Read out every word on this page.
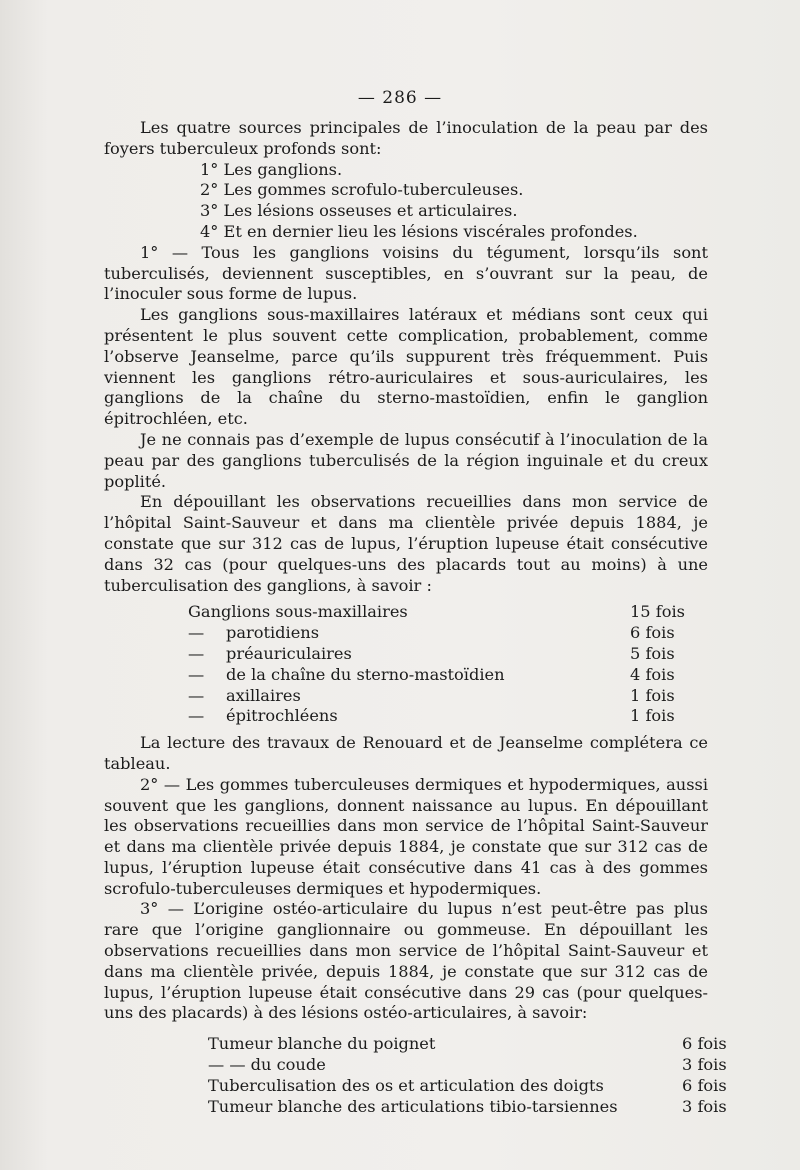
— 286 —

Les quatre sources principales de l’inoculation de la peau par des foyers tuberculeux profonds sont:

1° Les ganglions.

2° Les gommes scrofulo-tuberculeuses.

3° Les lésions osseuses et articulaires.

4° Et en dernier lieu les lésions viscérales profondes.

1° — Tous les ganglions voisins du tégument, lorsqu’ils sont tuberculisés, deviennent susceptibles, en s’ouvrant sur la peau, de l’inoculer sous forme de lupus.

Les ganglions sous-maxillaires latéraux et médians sont ceux qui présentent le plus souvent cette complication, probablement, comme l’observe Jeanselme, parce qu’ils suppurent très fréquemment. Puis viennent les ganglions rétro-auriculaires et sous-auriculaires, les ganglions de la chaîne du sterno-mastoïdien, enfin le ganglion épitrochléen, etc.

Je ne connais pas d’exemple de lupus consécutif à l’inoculation de la peau par des ganglions tuberculisés de la région inguinale et du creux poplité.

En dépouillant les observations recueillies dans mon service de l’hôpital Saint-Sauveur et dans ma clientèle privée depuis 1884, je constate que sur 312 cas de lupus, l’éruption lupeuse était consécutive dans 32 cas (pour quelques-uns des placards tout au moins) à une tuberculisation des ganglions, à savoir :

Ganglions sous-maxillaires		15 fois
—	parotidiens	6 fois
—	préauriculaires	5 fois
—	de la chaîne du sterno-mastoïdien	4 fois
—	axillaires	1 fois
—	épitrochléens	1 fois

La lecture des travaux de Renouard et de Jeanselme complétera ce tableau.

2° — Les gommes tuberculeuses dermiques et hypodermiques, aussi souvent que les ganglions, donnent naissance au lupus. En dépouillant les observations recueillies dans mon service de l’hôpital Saint-Sauveur et dans ma clientèle privée depuis 1884, je constate que sur 312 cas de lupus, l’éruption lupeuse était consécutive dans 41 cas à des gommes scrofulo-tuberculeuses dermiques et hypodermiques.

3° — L’origine ostéo-articulaire du lupus n’est peut-être pas plus rare que l’origine ganglionnaire ou gommeuse. En dépouillant les observations recueillies dans mon service de l’hôpital Saint-Sauveur et dans ma clientèle privée, depuis 1884, je constate que sur 312 cas de lupus, l’éruption lupeuse était consécutive dans 29 cas (pour quelques-uns des placards) à des lésions ostéo-articulaires, à savoir:

Tumeur blanche du poignet	6 fois
— — du coude	3 fois
Tuberculisation des os et articulation des doigts	6 fois
Tumeur blanche des articulations tibio-tarsiennes	3 fois
